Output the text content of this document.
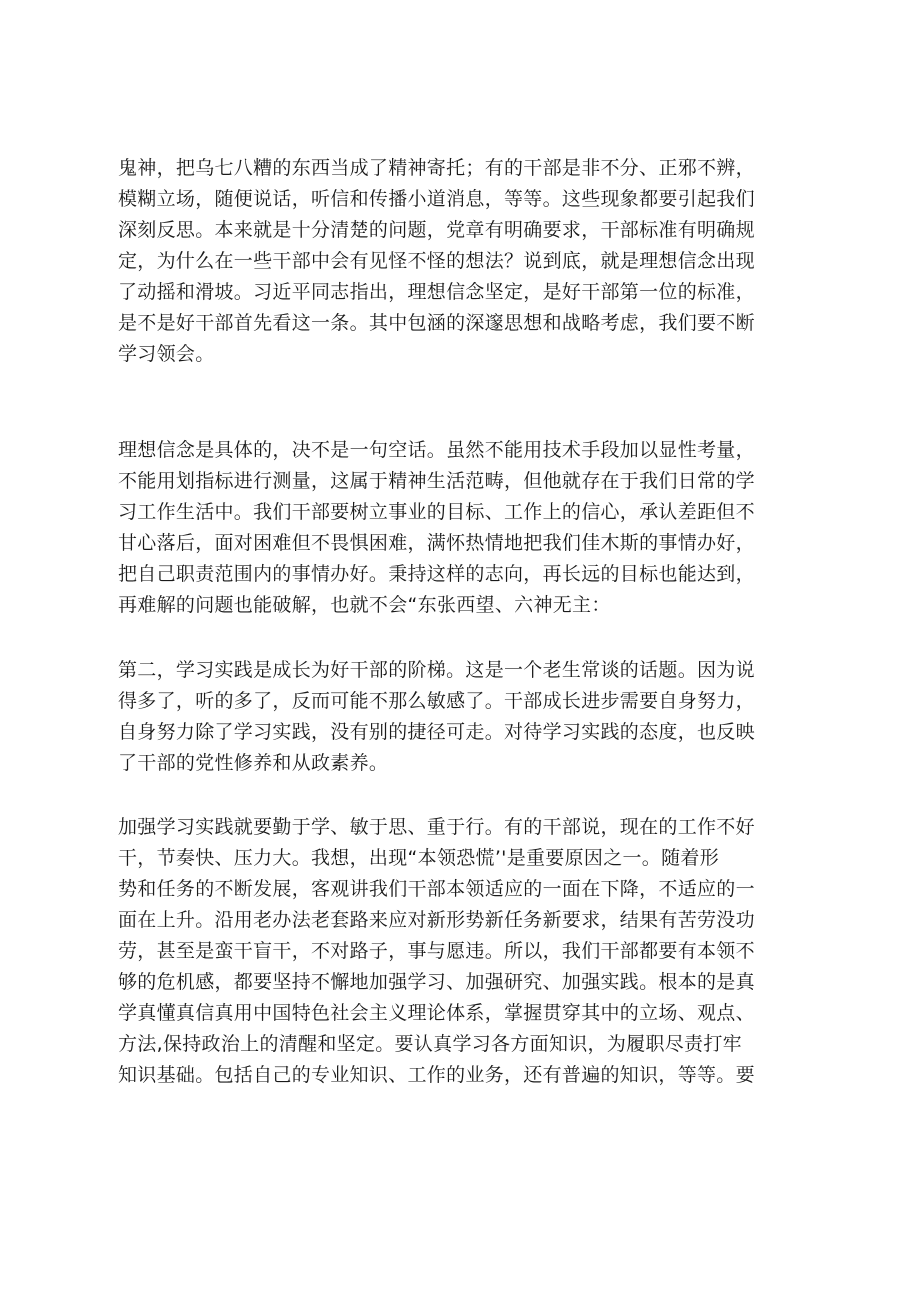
鬼神，把乌七八糟的东西当成了精神寄托；有的干部是非不分、正邪不辨，
模糊立场，随便说话，听信和传播小道消息，等等。这些现象都要引起我们
深刻反思。本来就是十分清楚的问题，党章有明确要求，干部标准有明确规
定，为什么在一些干部中会有见怪不怪的想法？说到底，就是理想信念出现
了动摇和滑坡。习近平同志指出，理想信念坚定，是好干部第一位的标准，
是不是好干部首先看这一条。其中包涵的深邃思想和战略考虑，我们要不断
学习领会。
理想信念是具体的，决不是一句空话。虽然不能用技术手段加以显性考量，
不能用划指标进行测量，这属于精神生活范畴，但他就存在于我们日常的学
习工作生活中。我们干部要树立事业的目标、工作上的信心，承认差距但不
甘心落后，面对困难但不畏惧困难，满怀热情地把我们佳木斯的事情办好，
把自己职责范围内的事情办好。秉持这样的志向，再长远的目标也能达到，
再难解的问题也能破解，也就不会“东张西望、六神无主：
第二，学习实践是成长为好干部的阶梯。这是一个老生常谈的话题。因为说
得多了，听的多了，反而可能不那么敏感了。干部成长进步需要自身努力，
自身努力除了学习实践，没有别的捷径可走。对待学习实践的态度，也反映
了干部的党性修养和从政素养。
加强学习实践就要勤于学、敏于思、重于行。有的干部说，现在的工作不好
干，节奏快、压力大。我想，出现“本领恐慌’'是重要原因之一。随着形
势和任务的不断发展，客观讲我们干部本领适应的一面在下降，不适应的一
面在上升。沿用老办法老套路来应对新形势新任务新要求，结果有苦劳没功
劳，甚至是蛮干盲干，不对路子，事与愿违。所以，我们干部都要有本领不
够的危机感，都要坚持不懈地加强学习、加强研究、加强实践。根本的是真
学真懂真信真用中国特色社会主义理论体系，掌握贯穿其中的立场、观点、
方法,保持政治上的清醒和坚定。要认真学习各方面知识，为履职尽责打牢
知识基础。包括自己的专业知识、工作的业务，还有普遍的知识，等等。要
